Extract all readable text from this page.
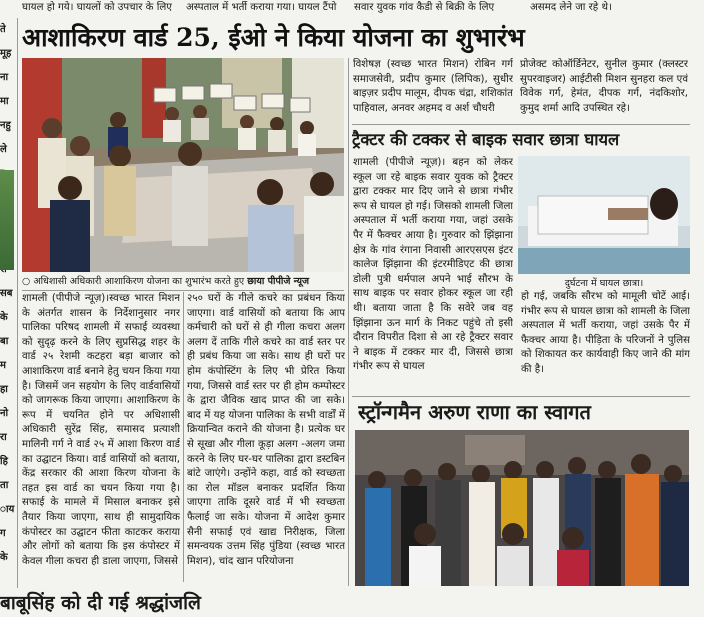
घायल हो गये। घायलों को उपचार के लिए	अस्पताल में भर्ती कराया गया। घायल टैंपो	सवार युवक गांव कैडी से बिक्री के लिए	असमद लेने जा रहे थे।
ते
मूह
ना
मा
नहु
ले
सब
के
बा
म
हा
नो
रा
हि
ता
ाय
ग
के
आशाकिरण वार्ड 25, ईओ ने किया योजना का शुभारंभ
○ अधिशासी अधिकारी आशाकिरण योजना का शुभारंभ करते हुए छाया पीपीजे न्यूज
शामली (पीपीजे न्यूज़)।स्वच्छ भारत मिशन के अंतर्गत शासन के निर्देशानुसार नगर पालिका परिषद शामली में सफाई व्यवस्था को सुदृढ़ करने के लिए सुप्रसिद्ध शहर के वार्ड २५ रेशमी कटहरा बड़ा बाजार को आशाकिरण वार्ड बनाने हेतु चयन किया गया है। जिसमें जन सहयोग के लिए वार्डवासियों को जागरूक किया जाएगा। आशाकिरण के रूप में चयनित होने पर अधिशासी अधिकारी सुरेंद्र सिंह, समासद प्रत्याशी मालिनी गर्ग ने वार्ड २५ में आशा किरण वार्ड का उद्घाटन किया। वार्ड वासियों को बताया, केंद्र सरकार की आशा किरण योजना के तहत इस वार्ड का चयन किया गया है। सफाई के मामले में मिसाल बनाकर इसे तैयार किया जाएगा, साथ ही सामुदायिक कंपोस्टर का उद्घाटन फीता काटकर कराया और लोगों को बताया कि इस कंपोस्टर में केवल गीला कचरा ही डाला जाएगा, जिससे
२५० घरों के गीले कचरे का प्रबंधन किया जाएगा। वार्ड वासियों को बताया कि आप कर्मचारी को घरों से ही गीला कचरा अलग अलग दें ताकि गीले कचरे का वार्ड स्तर पर ही प्रबंध किया जा सके। साथ ही घरों पर होम कंपोस्टिंग के लिए भी प्रेरित किया गया, जिससे वार्ड स्तर पर ही होम कम्पोस्टर के द्वारा जैविक खाद प्राप्त की जा सके। बाद में यह योजना पालिका के सभी वार्डों में क्रियान्वित कराने की योजना है। प्रत्येक घर से सूखा और गीला कूड़ा अलग -अलग जमा करने के लिए घर-घर पालिका द्वारा डस्टबिन बांटे जाएंगे। उन्होंने कहा, वार्ड को स्वच्छता का रोल मॉडल बनाकर प्रदर्शित किया जाएगा ताकि दूसरे वार्ड में भी स्वच्छता फैलाई जा सके। योजना में आदेश कुमार सैनी सफाई एवं खाद्य निरीक्षक, जिला समन्वयक उत्तम सिंह पुंडिया (स्वच्छ भारत मिशन), चांद खान परियोजना
विशेषज्ञ (स्वच्छ भारत मिशन) रोबिन गर्ग समाजसेवी, प्रदीप कुमार (लिपिक), सुधीर बाइज़र प्रदीप मालूम, दीपक चंद्रा, शशिकांत पाहिवाल, अनवर अहमद व अर्श चौधरी
प्रोजेक्ट कोऑर्डिनेटर, सुनील कुमार (क्लस्टर सुपरवाइजर) आईटीसी मिशन सुनहरा कल एवं विवेक गर्ग, हेमंत, दीपक गर्ग, नंदकिशोर, कुमुद शर्मा आदि उपस्थित रहे।
ट्रैक्टर की टक्कर से बाइक सवार छात्रा घायल
शामली (पीपीजे न्यूज़)। बहन को लेकर स्कूल जा रहे बाइक सवार युवक को ट्रैक्टर द्वारा टक्कर मार दिए जाने से छात्रा गंभीर रूप से घायल हो गई। जिसको शामली जिला अस्पताल में भर्ती कराया गया, जहां उसके पैर में फैक्चर आया है। गुरुवार को झिंझाना क्षेत्र के गांव रंगाना निवासी आरएसएस इंटर कालेज झिंझाना की इंटरमीडिएट की छात्रा डोली पुत्री धर्मपाल अपने भाई सौरभ के साथ बाइक पर सवार होकर स्कूल जा रही थी। बताया जाता है कि सवेरे जब वह झिंझाना ऊन मार्ग के निकट पहुंचे तो इसी दौरान विपरीत दिशा से आ रहे ट्रैक्टर सवार ने बाइक में टक्कर मार दी, जिससे छात्रा गंभीर रूप से घायल
दुर्घटना में घायल छात्रा।
हो गई, जबकि सौरभ को मामूली चोटें आई। गंभीर रूप से घायल छात्रा को शामली के जिला अस्पताल में भर्ती कराया, जहां उसके पैर में फैक्चर आया है। पीड़िता के परिजनों ने पुलिस को शिकायत कर कार्यवाही किए जाने की मांग की है।
स्ट्रॉन्गमैन अरुण राणा का स्वागत
बाबूसिंह को दी गई श्रद्धांजलि
